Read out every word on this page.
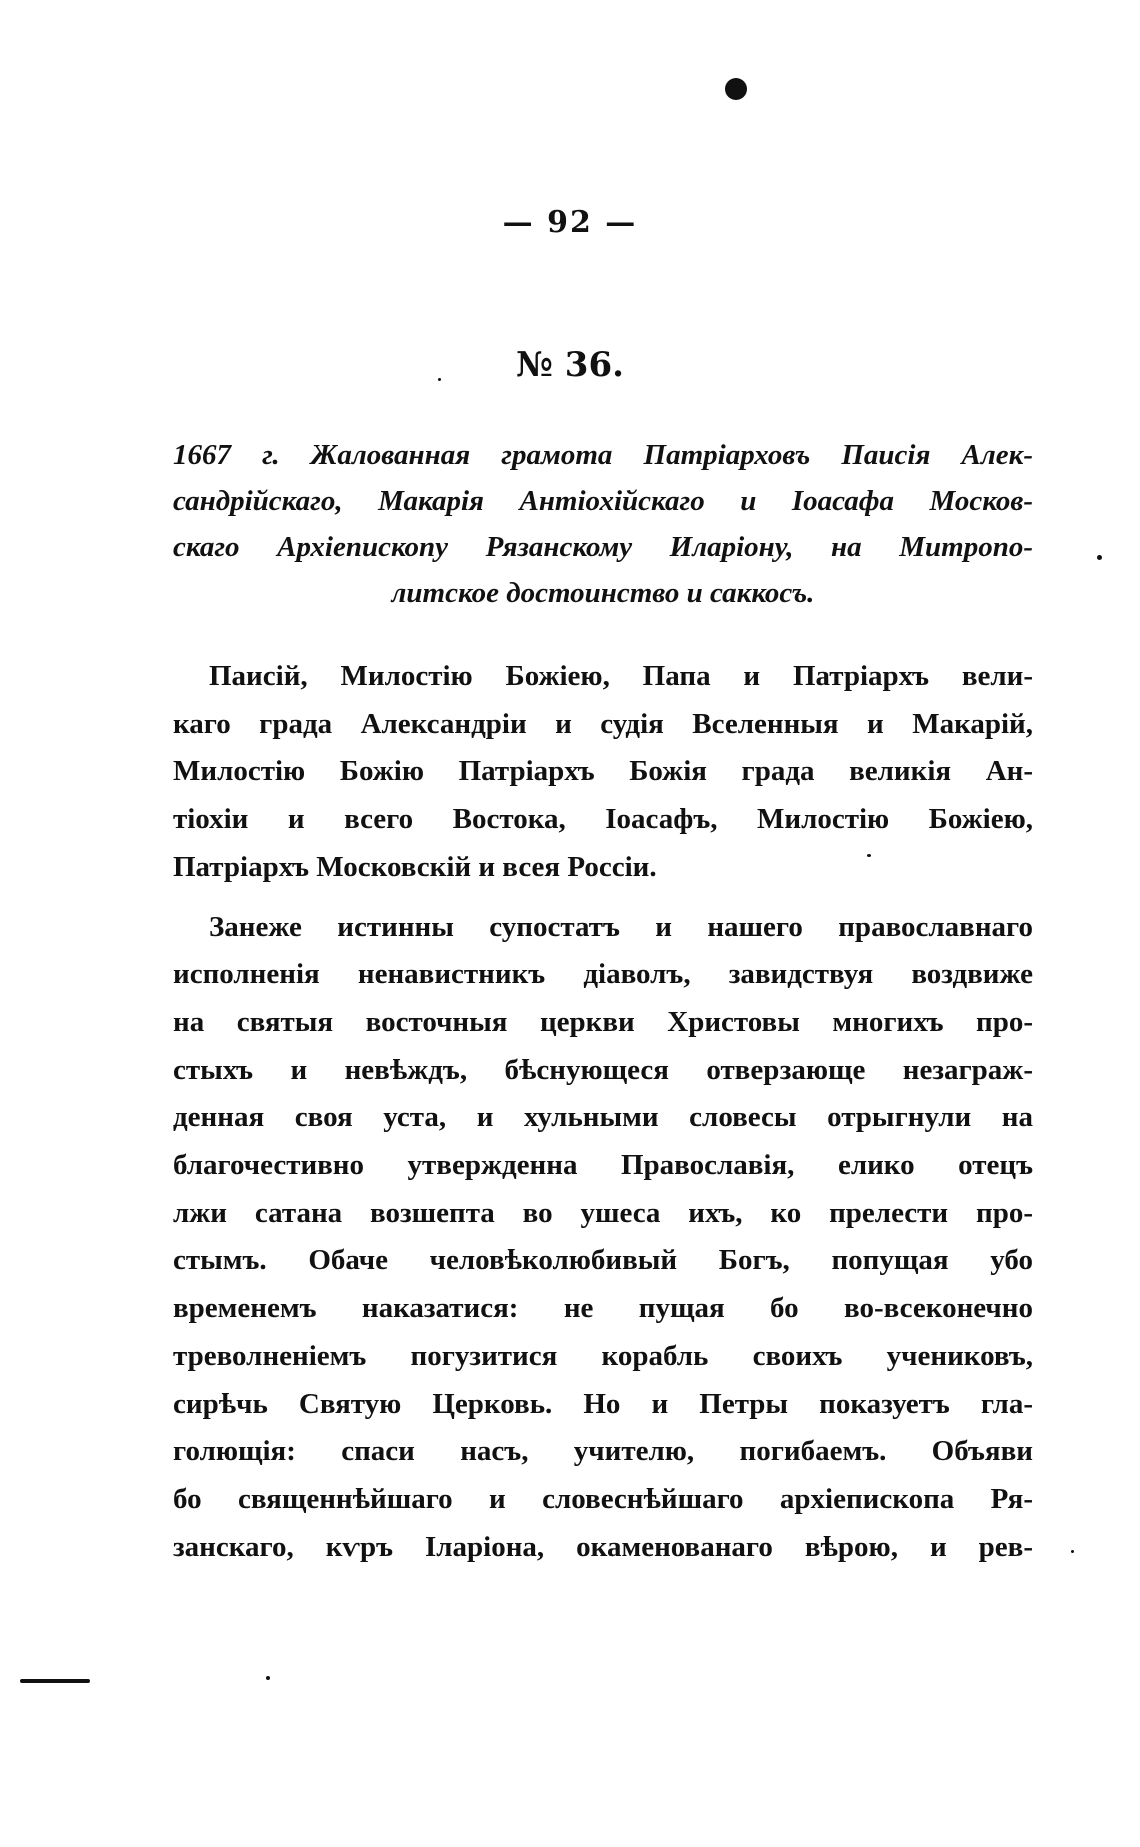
— 92 —
№ 36.
1667 г. Жалованная грамота Патріарховъ Паисія Алек-
сандрійскаго, Макарія Антіохійскаго и Іоасафа Москов-
скаго Архіепископу Рязанскому Иларіону, на Митропо-
литское достоинство и саккосъ.
Паисій, Милостію Божіею, Папа и Патріархъ вели-
каго града Александріи и судія Вселенныя и Макарій,
Милостію Божію Патріархъ Божія града великія Ан-
тіохіи и всего Востока, Іоасафъ, Милостію Божіею,
Патріархъ Московскій и всея Россіи.
Занеже истинны супостатъ и нашего православнаго
исполненія ненавистникъ діаволъ, завидствуя воздвиже
на святыя восточныя церкви Христовы многихъ про-
стыхъ и невѣждъ, бѣснующеся отверзающе незаграж-
денная своя уста, и хульными словесы отрыгнули на
благочестивно утвержденна Православія, елико отецъ
лжи сатана возшепта во ушеса ихъ, ко прелести про-
стымъ. Обаче человѣколюбивый Богъ, попущая убо
временемъ наказатися: не пущая бо во-всеконечно
треволненіемъ погузитися корабль своихъ учениковъ,
сирѣчь Святую Церковь. Но и Петры показуетъ гла-
голющія: спаси насъ, учителю, погибаемъ. Объяви
бо священнѣйшаго и словеснѣйшаго архіепископа Ря-
занскаго, кѵръ Іларіона, окаменованаго вѣрою, и рев-
